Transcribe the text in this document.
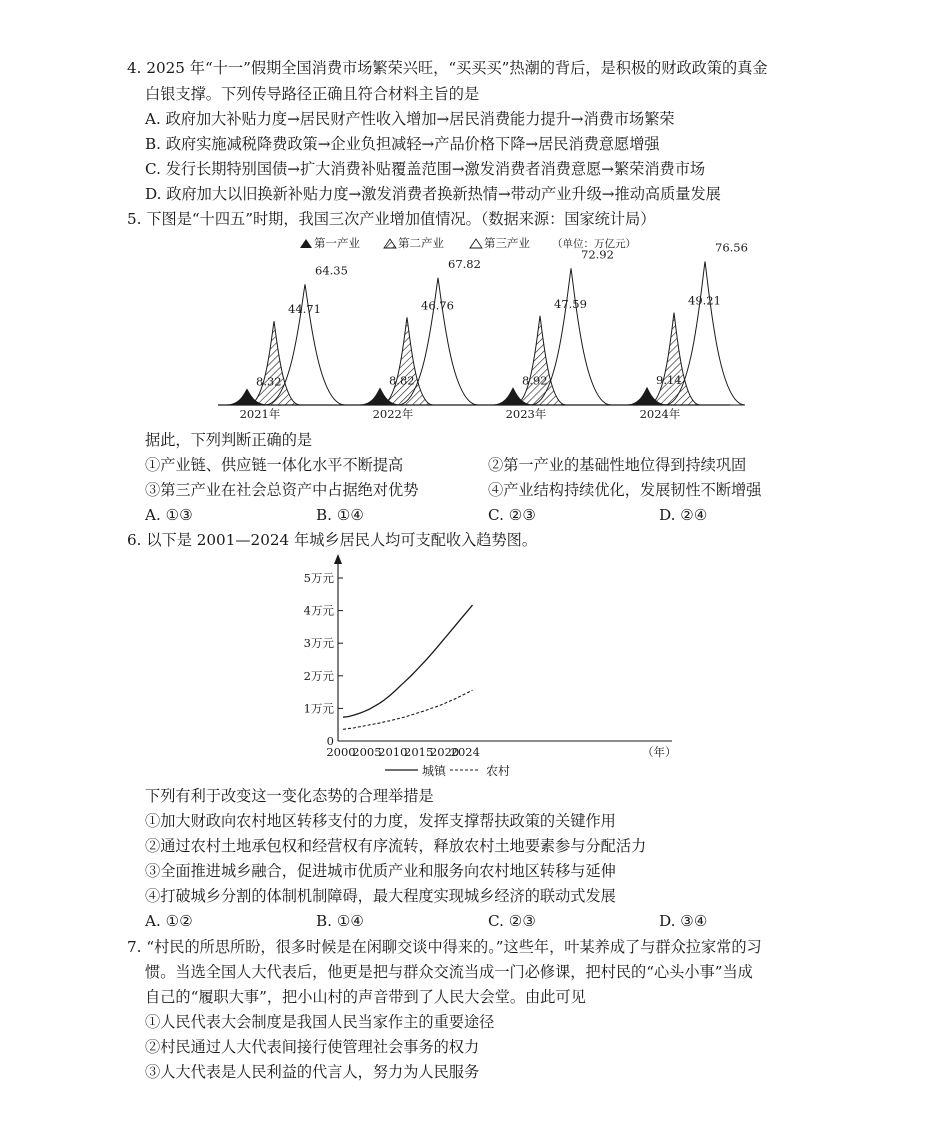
4. 2025 年“十一”假期全国消费市场繁荣兴旺，“买买买”热潮的背后，是积极的财政政策的真金
白银支撑。下列传导路径正确且符合材料主旨的是
A. 政府加大补贴力度→居民财产性收入增加→居民消费能力提升→消费市场繁荣
B. 政府实施减税降费政策→企业负担减轻→产品价格下降→居民消费意愿增强
C. 发行长期特别国债→扩大消费补贴覆盖范围→激发消费者消费意愿→繁荣消费市场
D. 政府加大以旧换新补贴力度→激发消费者换新热情→带动产业升级→推动高质量发展
5. 下图是“十四五”时期，我国三次产业增加值情况。（数据来源：国家统计局）
第一产业	第二产业	第三产业 （单位：万亿元）
8.32
44.71
64.35
2021年
8.82
46.76
67.82
2022年
8.92
47.59
72.92
2023年
9.14
49.21
76.56
2024年
据此，下列判断正确的是
①产业链、供应链一体化水平不断提高	②第一产业的基础性地位得到持续巩固
③第三产业在社会总资产中占据绝对优势	④产业结构持续优化，发展韧性不断增强
A. ①③	B. ①④	C. ②③	D. ②④
6. 以下是 2001—2024 年城乡居民人均可支配收入趋势图。
0
1万元
2万元
3万元
4万元
5万元
2000
2005
2010
2015
2020
2024	（年）
城镇	农村
下列有利于改变这一变化态势的合理举措是
①加大财政向农村地区转移支付的力度，发挥支撑帮扶政策的关键作用
②通过农村土地承包权和经营权有序流转，释放农村土地要素参与分配活力
③全面推进城乡融合，促进城市优质产业和服务向农村地区转移与延伸
④打破城乡分割的体制机制障碍，最大程度实现城乡经济的联动式发展
A. ①②	B. ①④	C. ②③	D. ③④
7. “村民的所思所盼，很多时候是在闲聊交谈中得来的。”这些年，叶某养成了与群众拉家常的习
惯。当选全国人大代表后，他更是把与群众交流当成一门必修课，把村民的“心头小事”当成
自己的“履职大事”，把小山村的声音带到了人民大会堂。由此可见
①人民代表大会制度是我国人民当家作主的重要途径
②村民通过人大代表间接行使管理社会事务的权力
③人大代表是人民利益的代言人，努力为人民服务
